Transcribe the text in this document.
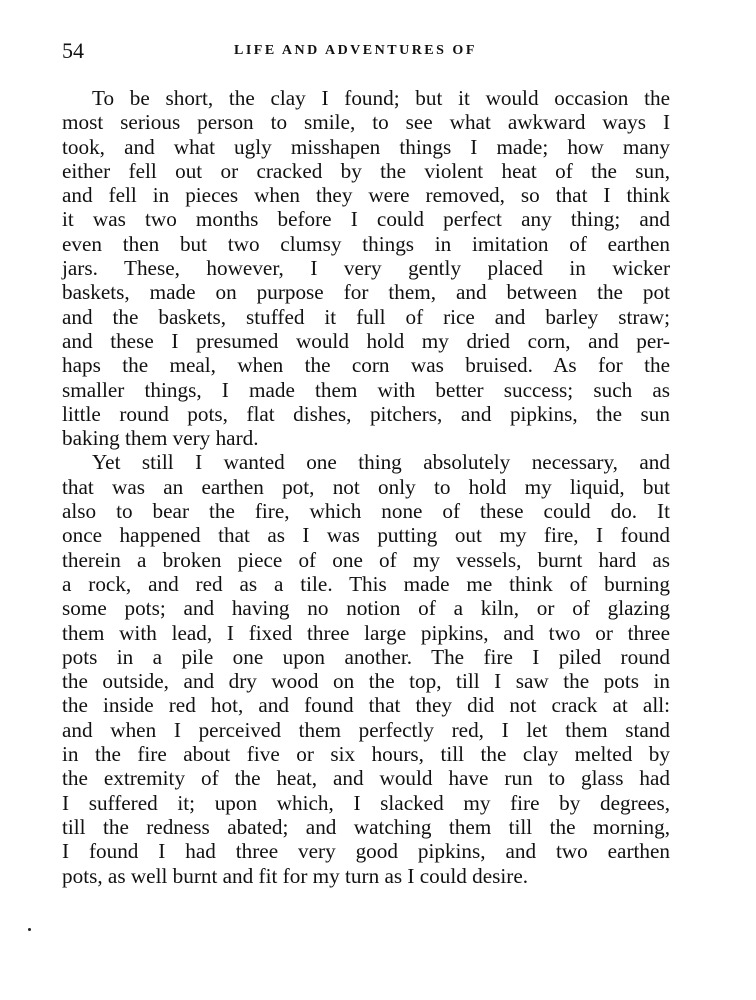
54	LIFE AND ADVENTURES OF

To be short, the clay I found; but it would occasion the
most serious person to smile, to see what awkward ways I
took, and what ugly misshapen things I made; how many
either fell out or cracked by the violent heat of the sun,
and fell in pieces when they were removed, so that I think
it was two months before I could perfect any thing; and
even then but two clumsy things in imitation of earthen
jars. These, however, I very gently placed in wicker
baskets, made on purpose for them, and between the pot
and the baskets, stuffed it full of rice and barley straw;
and these I presumed would hold my dried corn, and per-
haps the meal, when the corn was bruised. As for the
smaller things, I made them with better success; such as
little round pots, flat dishes, pitchers, and pipkins, the sun
baking them very hard.

Yet still I wanted one thing absolutely necessary, and
that was an earthen pot, not only to hold my liquid, but
also to bear the fire, which none of these could do. It
once happened that as I was putting out my fire, I found
therein a broken piece of one of my vessels, burnt hard as
a rock, and red as a tile. This made me think of burning
some pots; and having no notion of a kiln, or of glazing
them with lead, I fixed three large pipkins, and two or three
pots in a pile one upon another. The fire I piled round
the outside, and dry wood on the top, till I saw the pots in
the inside red hot, and found that they did not crack at all:
and when I perceived them perfectly red, I let them stand
in the fire about five or six hours, till the clay melted by
the extremity of the heat, and would have run to glass had
I suffered it; upon which, I slacked my fire by degrees,
till the redness abated; and watching them till the morning,
I found I had three very good pipkins, and two earthen
pots, as well burnt and fit for my turn as I could desire.
